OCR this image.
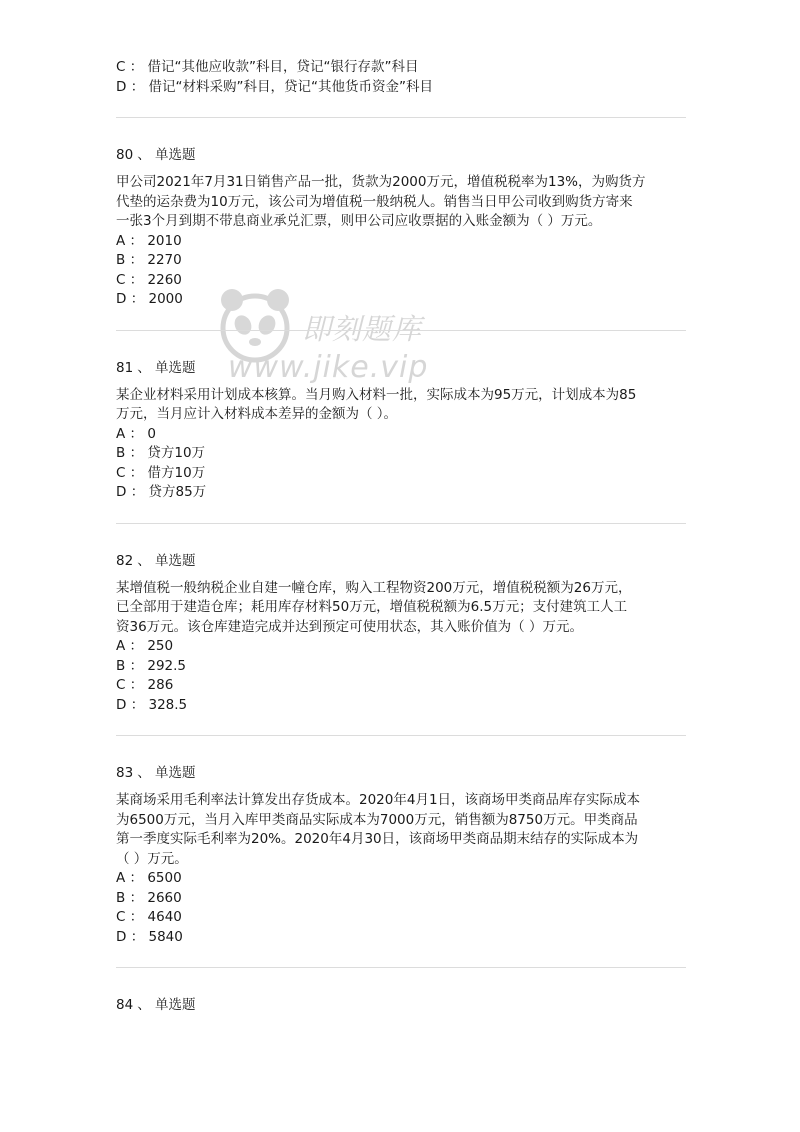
即刻题库
www.jike.vip
C ： 借记“其他应收款”科目，贷记“银行存款”科目
D ： 借记“材料采购”科目，贷记“其他货币资金”科目
80 、 单选题
甲公司2021年7月31日销售产品一批，货款为2000万元，增值税税率为13%，为购货方
代垫的运杂费为10万元，该公司为增值税一般纳税人。销售当日甲公司收到购货方寄来
一张3个月到期不带息商业承兑汇票，则甲公司应收票据的入账金额为（ ）万元。
A ： 2010
B ： 2270
C ： 2260
D ： 2000
81 、 单选题
某企业材料采用计划成本核算。当月购入材料一批，实际成本为95万元，计划成本为85
万元，当月应计入材料成本差异的金额为（ ）。
A ： 0
B ： 贷方10万
C ： 借方10万
D ： 贷方85万
82 、 单选题
某增值税一般纳税企业自建一幢仓库，购入工程物资200万元，增值税税额为26万元，
已全部用于建造仓库；耗用库存材料50万元，增值税税额为6.5万元；支付建筑工人工
资36万元。该仓库建造完成并达到预定可使用状态，其入账价值为（ ）万元。
A ： 250
B ： 292.5
C ： 286
D ： 328.5
83 、 单选题
某商场采用毛利率法计算发出存货成本。2020年4月1日，该商场甲类商品库存实际成本
为6500万元，当月入库甲类商品实际成本为7000万元，销售额为8750万元。甲类商品
第一季度实际毛利率为20%。2020年4月30日，该商场甲类商品期末结存的实际成本为
（ ）万元。
A ： 6500
B ： 2660
C ： 4640
D ： 5840
84 、 单选题
